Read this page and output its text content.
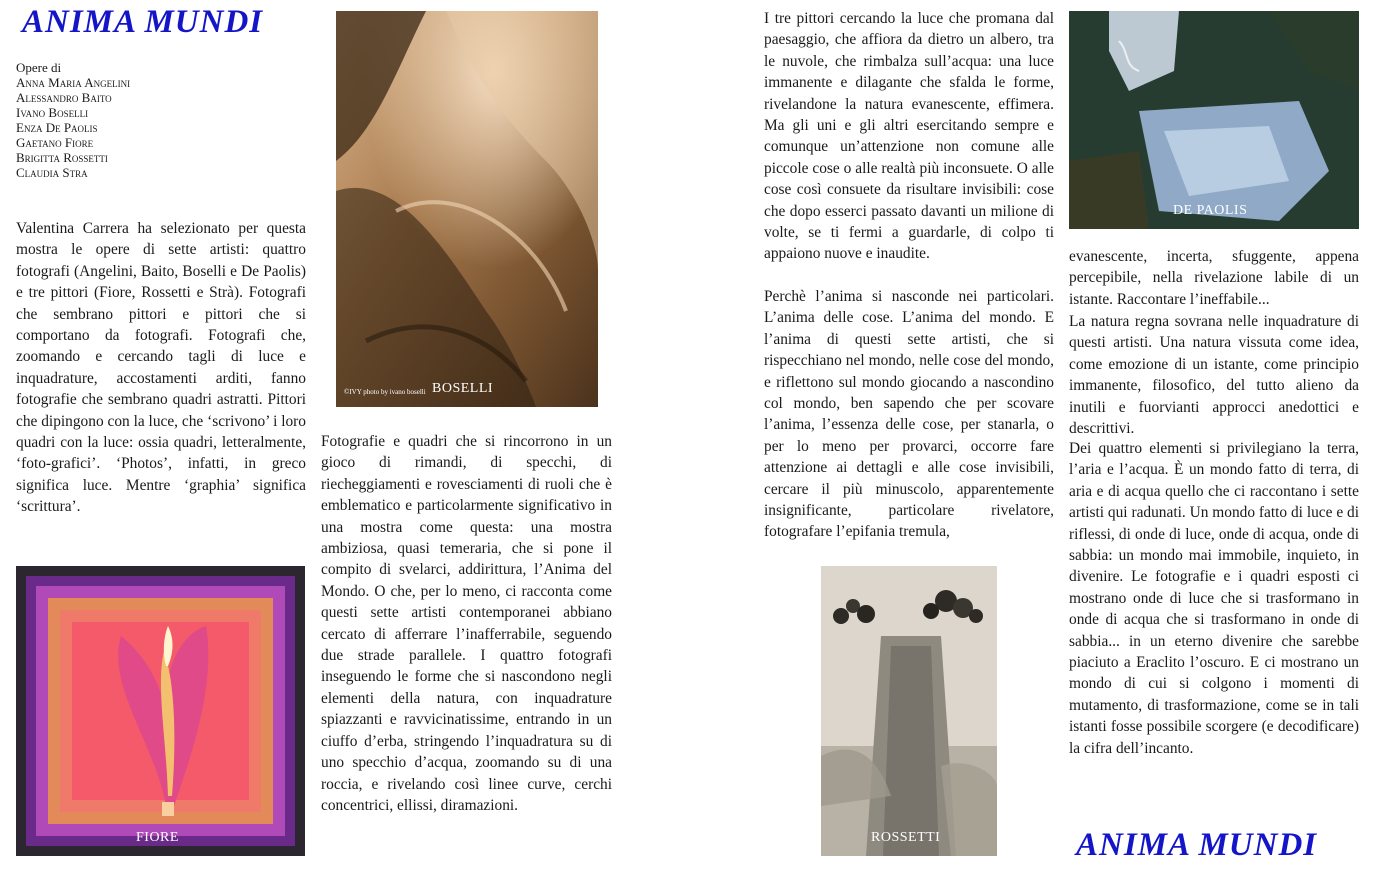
ANIMA MUNDI
Opere di
Anna Maria Angelini
Alessandro Baito
Ivano Boselli
Enza De Paolis
Gaetano Fiore
Brigitta Rossetti
Claudia Stra

Valentina Carrera ha selezionato per questa mostra le opere di sette artisti: quattro fotografi (Angelini, Baito, Boselli e De Paolis) e tre pittori (Fiore, Rossetti e Strà). Fotografi che sembrano pittori e pittori che si comportano da fotografi. Fotografi che, zoomando e cercando tagli di luce e inquadrature, accostamenti arditi, fanno fotografie che sembrano quadri astratti. Pittori che dipingono con la luce, che ‘scrivono’ i loro quadri con la luce: ossia quadri, letteralmente, ‘foto-grafici’. ‘Photos’, infatti, in greco significa luce. Mentre ‘graphia’ significa ‘scrittura’.

©IVY photo by ivano boselli BOSELLI
FIORE

Fotografie e quadri che si rincorrono in un gioco di rimandi, di specchi, di riecheggiamenti e rovesciamenti di ruoli che è emblematico e particolarmente significativo in una mostra come questa: una mostra ambiziosa, quasi temeraria, che si pone il compito di svelarci, addirittura, l’Anima del Mondo. O che, per lo meno, ci racconta come questi sette artisti contemporanei abbiano cercato di afferrare l’inafferrabile, seguendo due strade parallele. I quattro fotografi inseguendo le forme che si nascondono negli elementi della natura, con inquadrature spiazzanti e ravvicinatissime, entrando in un ciuffo d’erba, stringendo l’inquadratura su di uno specchio d’acqua, zoomando su di una roccia, e rivelando così linee curve, cerchi concentrici, ellissi, diramazioni.

I tre pittori cercando la luce che promana dal paesaggio, che affiora da dietro un albero, tra le nuvole, che rimbalza sull’acqua: una luce immanente e dilagante che sfalda le forme, rivelandone la natura evanescente, effimera. Ma gli uni e gli altri esercitando sempre e comunque un’attenzione non comune alle piccole cose o alle realtà più inconsuete. O alle cose così consuete da risultare invisibili: cose che dopo esserci passato davanti un milione di volte, se ti fermi a guardarle, di colpo ti appaiono nuove e inaudite.

Perchè l’anima si nasconde nei particolari. L’anima delle cose. L’anima del mondo. E l’anima di questi sette artisti, che si rispecchiano nel mondo, nelle cose del mondo, e riflettono sul mondo giocando a nascondino col mondo, ben sapendo che per scovare l’anima, l’essenza delle cose, per stanarla, o per lo meno per provarci, occorre fare attenzione ai dettagli e alle cose invisibili, cercare il più minuscolo, apparentemente insignificante, particolare rivelatore, fotografare l’epifania tremula,

DE PAOLIS

evanescente, incerta, sfuggente, appena percepibile, nella rivelazione labile di un istante. Raccontare l’ineffabile...

La natura regna sovrana nelle inquadrature di questi artisti. Una natura vissuta come idea, come emozione di un istante, come principio immanente, filosofico, del tutto alieno da inutili e fuorvianti approcci anedottici e descrittivi.

Dei quattro elementi si privilegiano la terra, l’aria e l’acqua. È un mondo fatto di terra, di aria e di acqua quello che ci raccontano i sette artisti qui radunati. Un mondo fatto di luce e di riflessi, di onde di luce, onde di acqua, onde di sabbia: un mondo mai immobile, inquieto, in divenire. Le fotografie e i quadri esposti ci mostrano onde di luce che si trasformano in onde di acqua che si trasformano in onde di sabbia... in un eterno divenire che sarebbe piaciuto a Eraclito l’oscuro. E ci mostrano un mondo di cui si colgono i momenti di mutamento, di trasformazione, come se in tali istanti fosse possibile scorgere (e decodificare) la cifra dell’incanto.

ROSSETTI	ANIMA MUNDI
